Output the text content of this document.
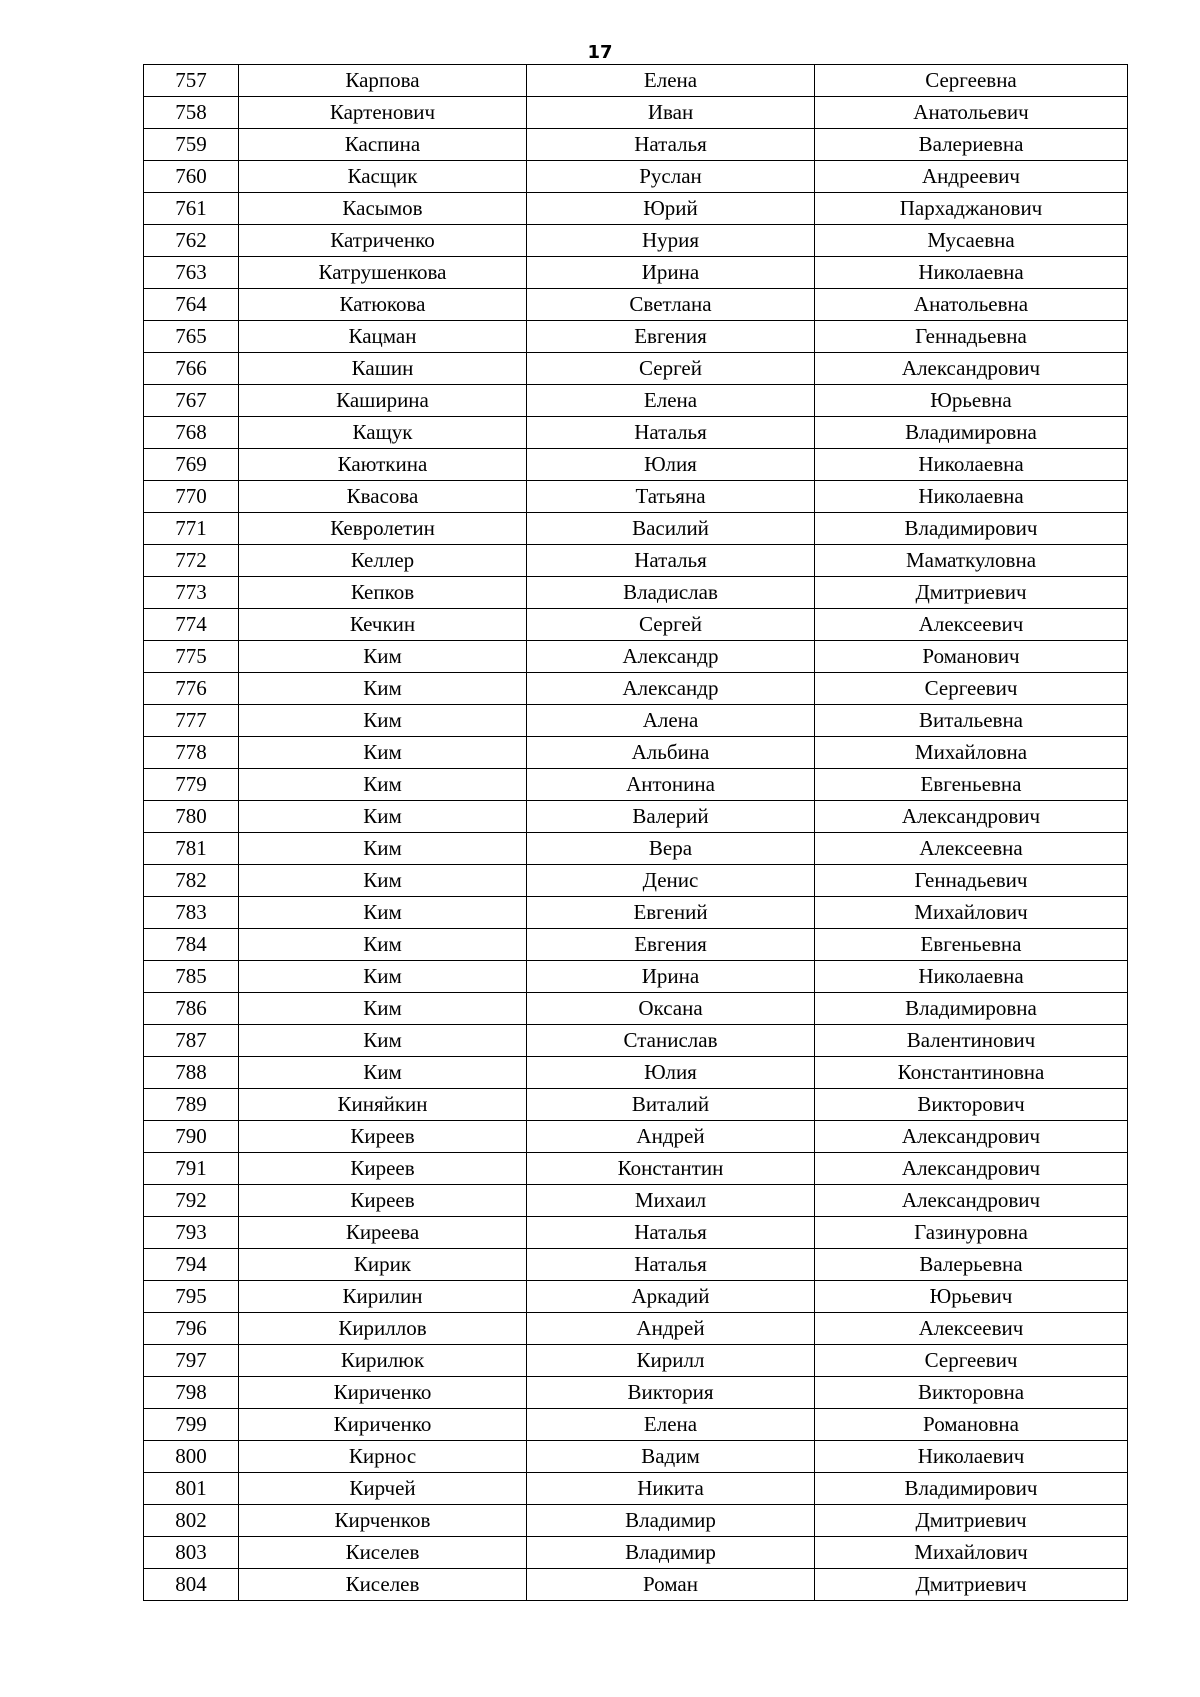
17
757	Карпова	Елена	Сергеевна
758	Картенович	Иван	Анатольевич
759	Каспина	Наталья	Валериевна
760	Касщик	Руслан	Андреевич
761	Касымов	Юрий	Пархаджанович
762	Катриченко	Нурия	Мусаевна
763	Катрушенкова	Ирина	Николаевна
764	Катюкова	Светлана	Анатольевна
765	Кацман	Евгения	Геннадьевна
766	Кашин	Сергей	Александрович
767	Каширина	Елена	Юрьевна
768	Кащук	Наталья	Владимировна
769	Каюткина	Юлия	Николаевна
770	Квасова	Татьяна	Николаевна
771	Кевролетин	Василий	Владимирович
772	Келлер	Наталья	Маматкуловна
773	Кепков	Владислав	Дмитриевич
774	Кечкин	Сергей	Алексеевич
775	Ким	Александр	Романович
776	Ким	Александр	Сергеевич
777	Ким	Алена	Витальевна
778	Ким	Альбина	Михайловна
779	Ким	Антонина	Евгеньевна
780	Ким	Валерий	Александрович
781	Ким	Вера	Алексеевна
782	Ким	Денис	Геннадьевич
783	Ким	Евгений	Михайлович
784	Ким	Евгения	Евгеньевна
785	Ким	Ирина	Николаевна
786	Ким	Оксана	Владимировна
787	Ким	Станислав	Валентинович
788	Ким	Юлия	Константиновна
789	Киняйкин	Виталий	Викторович
790	Киреев	Андрей	Александрович
791	Киреев	Константин	Александрович
792	Киреев	Михаил	Александрович
793	Киреева	Наталья	Газинуровна
794	Кирик	Наталья	Валерьевна
795	Кирилин	Аркадий	Юрьевич
796	Кириллов	Андрей	Алексеевич
797	Кирилюк	Кирилл	Сергеевич
798	Кириченко	Виктория	Викторовна
799	Кириченко	Елена	Романовна
800	Кирнос	Вадим	Николаевич
801	Кирчей	Никита	Владимирович
802	Кирченков	Владимир	Дмитриевич
803	Киселев	Владимир	Михайлович
804	Киселев	Роман	Дмитриевич
